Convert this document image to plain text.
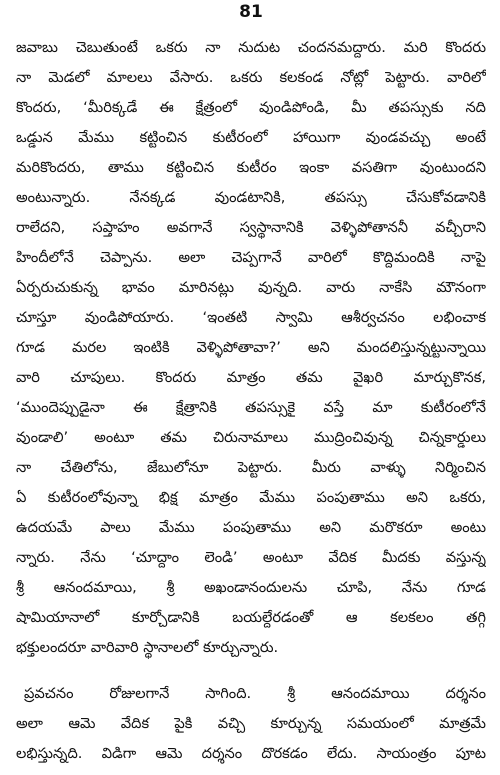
81
జవాబు చెబుతుంటే ఒకరు నా నుదుట చందనమద్దారు. మరి కొందరు
నా మెడలో మాలలు వేసారు. ఒకరు కలకండ నోట్లో పెట్టారు. వారిలో
కొందరు, ‘మీరిక్కడే ఈ క్షేత్రంలో వుండిపోండి, మీ తపస్సుకు నది
ఒడ్డున మేము కట్టించిన కుటీరంలో హాయిగా వుండవచ్చు అంటే
మరికొందరు, తాము కట్టించిన కుటీరం ఇంకా వసతిగా వుంటుందని
అంటున్నారు. నేనక్కడ వుండటానికి, తపస్సు చేసుకోవడానికి
రాలేదని, సప్తాహం అవగానే స్వస్థానానికి వెళ్ళిపోతాననీ వచ్చీరాని
హిందీలోనే చెప్పాను. అలా చెప్పగానే వారిలో కొద్దిమందికి నాపై
ఏర్పరుచుకున్న భావం మారినట్లు వున్నది. వారు నాకేసి మౌనంగా
చూస్తూ వుండిపోయారు. ‘ఇంతటి స్వామి ఆశీర్వచనం లభించాక
గూడ మరల ఇంటికి వెళ్ళిపోతావా?’ అని మందలిస్తున్నట్టున్నాయి
వారి చూపులు. కొందరు మాత్రం తమ వైఖరి మార్చుకొనక,
‘ముందెప్పుడైనా ఈ క్షేత్రానికి తపస్సుకై వస్తే మా కుటీరంలోనే
వుండాలి’ అంటూ తమ చిరునామాలు ముద్రించివున్న చిన్నకార్డులు
నా చేతిలోను, జేబులోనూ పెట్టారు. మీరు వాళ్ళు నిర్మించిన
ఏ కుటీరంలోవున్నా భిక్ష మాత్రం మేము పంపుతాము అని ఒకరు,
ఉదయమే పాలు మేము పంపుతాము అని మరొకరూ అంటు
న్నారు. నేను ‘చూద్దాం లెండి’ అంటూ వేదిక మీదకు వస్తున్న
శ్రీ ఆనందమాయి, శ్రీ అఖండానందులను చూపి, నేను గూడ
షామియానాలో కూర్చోడానికి బయల్దేరడంతో ఆ కలకలం తగ్గి
భక్తులందరూ వారివారి స్థానాలలో కూర్చున్నారు.
ప్రవచనం రోజులగానే సాగింది. శ్రీ ఆనందమాయి దర్శనం
అలా ఆమె వేదిక పైకి వచ్చి కూర్చున్న సమయంలో మాత్రమే
లభిస్తున్నది. విడిగా ఆమె దర్శనం దొరకడం లేదు. సాయంత్రం పూట
